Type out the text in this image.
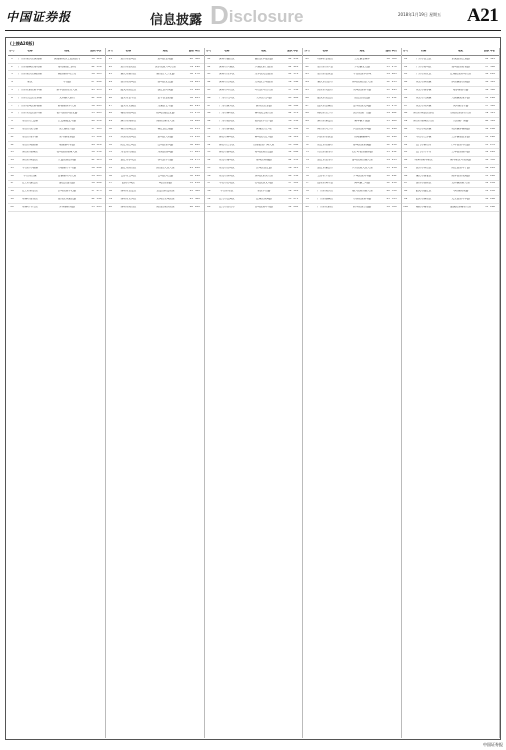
中国证券报	信息披露 Disclosure	2018年1月19日 星期五 A21
(上接A20版)
序号	名称	地址	面积 单价
1	广州市南沙区黄阁镇	黄阁镇东部工业园区内	39 320
2	广州市番禺区南村镇	南村镇里仁洞村	42 310
3	广州市南沙区横沥镇	横沥镇冯马三村	38 305
4	新区	中山路	27 290
5	广州市花都区新华镇	新华街道迎宾大道	45 315
6	广州市白云区太和镇	太和镇大源村	41 300
7	广州市增城区新塘镇	新塘镇东华大道	36 295
8	广州市从化区街口镇	街口街道河滨北路	33 285
9	东莞市长安镇	长安镇振安中路	40 310
10	东莞市虎门镇	虎门镇连升路	37 305
11	东莞市常平镇	常平镇常东路	35 300
12	东莞市塘厦镇	塘厦镇环市路	44 320
13	佛山市南海区	桂城街道南海大道	39 330
14	佛山市顺德区	大良街道德和路	41 325
15	中山市小榄镇	小榄镇升平中路	36 290
16	中山市古镇	古镇镇中兴大道	34 285
17	江门市蓬江区	蓬江区建设路	38 280
18	江门市新会区	会城街道中心路	37 275
19	珠海市香洲区	香洲区凤凰北路	42 340
20	珠海市斗门区	井岸镇新青路	35 295
序号	名称	地址	面积 单价
21	惠州市惠城区	惠城区麦地路	40 300
22	惠州市惠阳区	淡水街道开城大道	39 290
23	肇庆市端州区	端州区天宁北路	36 270
24	清远市清城区	清城区北江路	34 265
25	韶关市浈江区	浈江区风采路	33 260
26	汕头市金平区	金平区金砂路	38 285
27	汕头市龙湖区	龙湖区长平路	40 295
28	揭阳市榕城区	榕城区临江北路	35 270
29	潮州市湘桥区	湘桥区潮州大道	34 268
30	梅州市梅江区	梅江区江南路	32 255
31	河源市源城区	源城区大同路	31 250
32	阳江市江城区	江城区东风路	36 262
33	茂名市茂南区	茂南区油城路	37 265
34	湛江市赤坎区	赤坎区中山路	39 275
35	湛江市霞山区	霞山区人民大道	41 280
36	云浮市云城区	云城区兴云路	30 248
37	汕尾市城区	城区香洲路	33 258
38	深圳市宝安区	宝安区新安街道	45 380
39	深圳市龙岗区	龙岗区龙城街道	43 360
40	深圳市南山区	南山区南头街道	46 420
序号	名称	地址	面积 单价
41	深圳市福田区	福田区华强北路	44 430
42	深圳市罗湖区	罗湖区东门街道	42 410
43	深圳市龙华区	龙华区民治街道	41 370
44	深圳市光明区	光明区公明街道	39 340
45	深圳市坪山区	坪山区坪山大道	37 330
46	广州市天河区	天河区天河路	45 400
47	广州市越秀区	越秀区北京路	40 390
48	广州市海珠区	海珠区江南大道	42 370
49	广州市荔湾区	荔湾区中山八路	38 350
50	广州市黄埔区	黄埔区大沙地	41 345
51	佛山市禅城区	禅城区汾江中路	39 320
52	佛山市三水区	西南街道广海大道	35 290
53	佛山市高明区	荷城街道沧江路	34 280
54	东莞市南城区	南城区鸿福路	42 335
55	东莞市莞城区	莞城区西正路	36 325
56	东莞市东城区	东城区东纵大道	40 330
57	中山市石岐区	石岐区孙文中路	37 305
58	中山市东区	东区中山路	39 310
59	江门市江海区	江海区东海路	35 275
60	江门市台山市	台城街道环市路	34 265
序号	名称	地址	面积 单价
61	珠海市金湾区	三灶镇金海岸	36 300
62	惠州市博罗县	罗阳镇北门路	33 270
63	惠州市惠东县	平山街道华侨城	34 265
64	肇庆市四会市	东城街道四会大道	32 255
65	清远市英德市	英城街道和平路	31 245
66	韶关市武江区	武江区沿江路	33 252
67	汕头市澄海区	澄华街道文祠路	35 270
68	揭阳市普宁市	流沙街道广达路	34 262
69	潮州市潮安区	庵埠镇开濠路	33 260
70	梅州市兴宁市	兴田街道兴城路	31 248
71	河源市东源县	仙塘镇蝴蝶岭	30 240
72	阳江市阳春市	春城街道东湖路	32 250
73	茂名市高州市	石仔岭街道高凉路	33 252
74	湛江市雷州市	雷城街道西湖大道	34 255
75	湛江市廉江市	罗州街道人民大道	35 258
76	云浮市罗定市	罗城街道兴华路	30 242
77	汕尾市海丰县	海城镇二环路	32 250
78	广州市南沙区	南沙街道进港大道	40 330
79	广州市番禺区	市桥街道繁华路	43 355
80	广州市花都区	新华街道公益路	39 320
序号	名称	地址	面积 单价
81	广州市白云区	京溪街道云景路	41 345
82	广州市增城区	荔城街道府佑路	37 300
83	广州市从化区	江埔街道从城大道	34 285
84	东莞市厚街镇	厚街镇康乐南路	38 305
85	东莞市寮步镇	寮步镇香市路	36 300
86	东莞市大朗镇	大朗镇美景中路	35 298
87	东莞市凤岗镇	凤岗镇龙平路	37 302
88	佛山市顺德区容桂	容桂街道容奇大道	39 315
89	佛山市南海区大沥	大沥镇广佛路	40 318
90	中山市坦洲镇	坦洲镇界狮南路	34 288
91	中山市三乡镇	三乡镇雅居乐路	35 290
92	江门市鹤山市	沙坪街道中山路	33 270
93	江门市开平市	三埠街道港口路	32 265
94	珠海市横琴新区	横琴新区环岛东路	38 350
95	惠州市仲恺区	陈江街道甲子路	36 285
96	肇庆市高要区	南岸街道宋隆路	33 262
97	清远市清新区	太和镇清新大道	32 258
98	韶关市曲江区	马坝镇府前路	31 250
99	汕头市潮阳区	文光街道中华路	34 268
100	揭阳市揭东区	曲溪街道揭东大道	33 260
中国证券报
